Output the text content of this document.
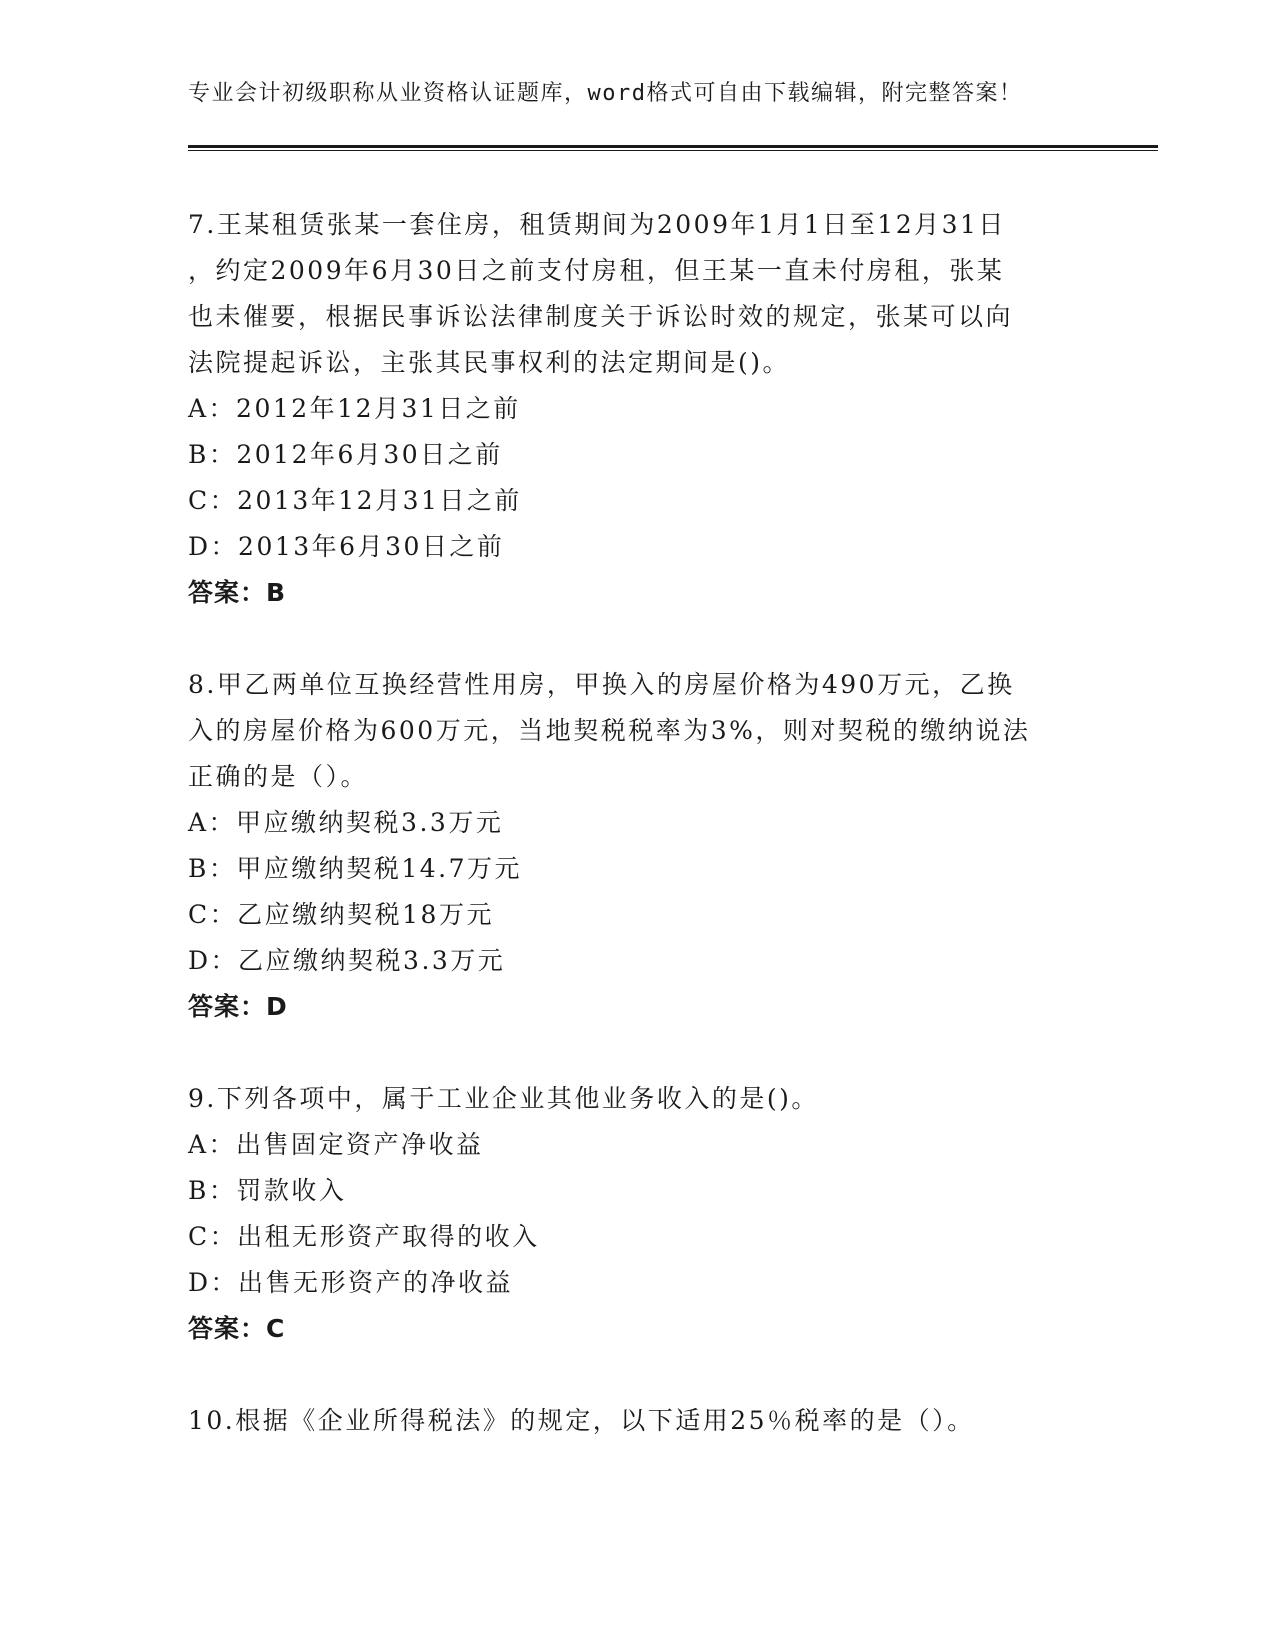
专业会计初级职称从业资格认证题库，word格式可自由下载编辑，附完整答案！
7.王某租赁张某一套住房，租赁期间为2009年1月1日至12月31日
，约定2009年6月30日之前支付房租，但王某一直未付房租，张某
也未催要，根据民事诉讼法律制度关于诉讼时效的规定，张某可以向
法院提起诉讼，主张其民事权利的法定期间是()。
A：2012年12月31日之前
B：2012年6月30日之前
C：2013年12月31日之前
D：2013年6月30日之前
答案：B
8.甲乙两单位互换经营性用房，甲换入的房屋价格为490万元，乙换
入的房屋价格为600万元，当地契税税率为3%，则对契税的缴纳说法
正确的是（）。
A：甲应缴纳契税3.3万元
B：甲应缴纳契税14.7万元
C：乙应缴纳契税18万元
D：乙应缴纳契税3.3万元
答案：D
9.下列各项中，属于工业企业其他业务收入的是()。
A：出售固定资产净收益
B：罚款收入
C：出租无形资产取得的收入
D：出售无形资产的净收益
答案：C
10.根据《企业所得税法》的规定，以下适用25％税率的是（）。
